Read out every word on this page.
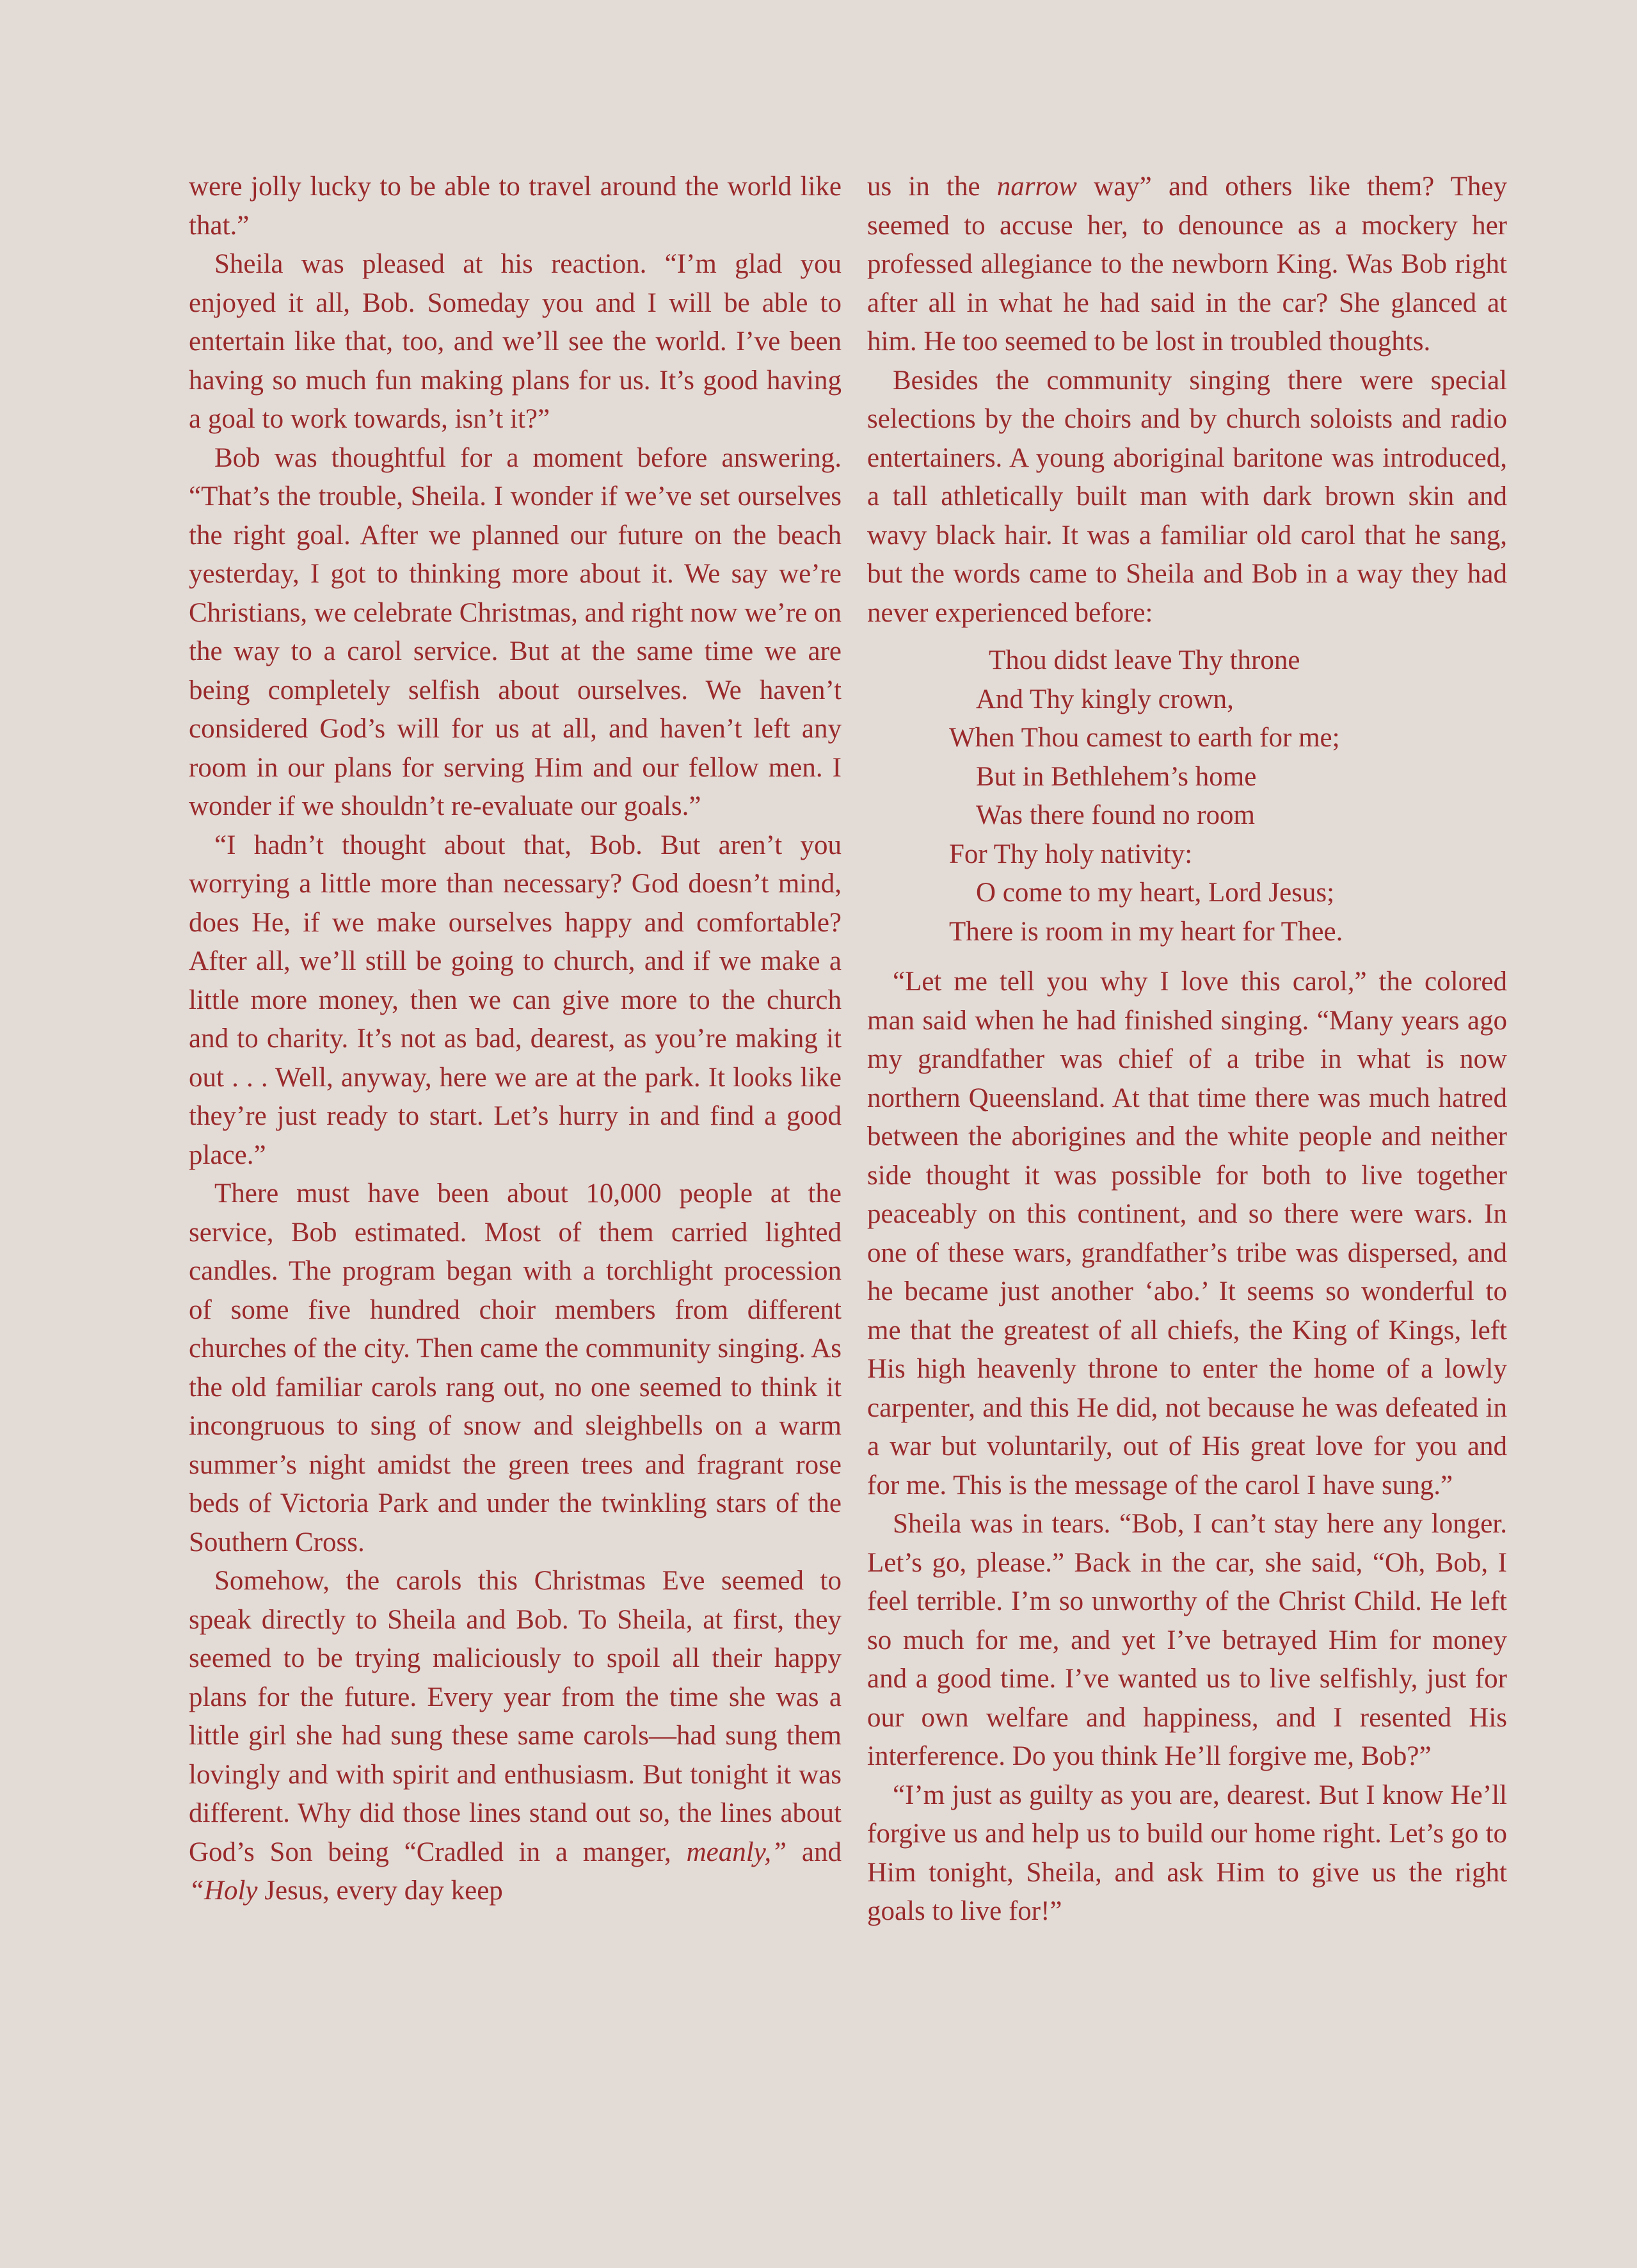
were jolly lucky to be able to travel around the world like that.”

Sheila was pleased at his reaction. “I’m glad you enjoyed it all, Bob. Someday you and I will be able to entertain like that, too, and we’ll see the world. I’ve been having so much fun making plans for us. It’s good having a goal to work towards, isn’t it?”

Bob was thoughtful for a moment before answering. “That’s the trouble, Sheila. I wonder if we’ve set ourselves the right goal. After we planned our future on the beach yesterday, I got to thinking more about it. We say we’re Christians, we celebrate Christmas, and right now we’re on the way to a carol service. But at the same time we are being completely selfish about ourselves. We haven’t considered God’s will for us at all, and haven’t left any room in our plans for serving Him and our fellow men. I wonder if we shouldn’t re-evaluate our goals.”

“I hadn’t thought about that, Bob. But aren’t you worrying a little more than necessary? God doesn’t mind, does He, if we make ourselves happy and comfortable? After all, we’ll still be going to church, and if we make a little more money, then we can give more to the church and to charity. It’s not as bad, dearest, as you’re making it out . . . Well, anyway, here we are at the park. It looks like they’re just ready to start. Let’s hurry in and find a good place.”

There must have been about 10,000 people at the service, Bob estimated. Most of them carried lighted candles. The program began with a torchlight procession of some five hundred choir members from different churches of the city. Then came the community singing. As the old familiar carols rang out, no one seemed to think it incongruous to sing of snow and sleighbells on a warm summer’s night amidst the green trees and fragrant rose beds of Victoria Park and under the twinkling stars of the Southern Cross.

Somehow, the carols this Christmas Eve seemed to speak directly to Sheila and Bob. To Sheila, at first, they seemed to be trying maliciously to spoil all their happy plans for the future. Every year from the time she was a little girl she had sung these same carols—had sung them lovingly and with spirit and enthusiasm. But tonight it was different. Why did those lines stand out so, the lines about God’s Son being “Cradled in a manger, meanly,” and “Holy Jesus, every day keep

us in the narrow way” and others like them? They seemed to accuse her, to denounce as a mockery her professed allegiance to the newborn King. Was Bob right after all in what he had said in the car? She glanced at him. He too seemed to be lost in troubled thoughts.

Besides the community singing there were special selections by the choirs and by church soloists and radio entertainers. A young aboriginal baritone was introduced, a tall athletically built man with dark brown skin and wavy black hair. It was a familiar old carol that he sang, but the words came to Sheila and Bob in a way they had never experienced before:

Thou didst leave Thy throne
And Thy kingly crown,
When Thou camest to earth for me;
But in Bethlehem’s home
Was there found no room
For Thy holy nativity:
O come to my heart, Lord Jesus;
There is room in my heart for Thee.

“Let me tell you why I love this carol,” the colored man said when he had finished singing. “Many years ago my grandfather was chief of a tribe in what is now northern Queensland. At that time there was much hatred between the aborigines and the white people and neither side thought it was possible for both to live together peaceably on this continent, and so there were wars. In one of these wars, grandfather’s tribe was dispersed, and he became just another ‘abo.’ It seems so wonderful to me that the greatest of all chiefs, the King of Kings, left His high heavenly throne to enter the home of a lowly carpenter, and this He did, not because he was defeated in a war but voluntarily, out of His great love for you and for me. This is the message of the carol I have sung.”

Sheila was in tears. “Bob, I can’t stay here any longer. Let’s go, please.” Back in the car, she said, “Oh, Bob, I feel terrible. I’m so unworthy of the Christ Child. He left so much for me, and yet I’ve betrayed Him for money and a good time. I’ve wanted us to live selfishly, just for our own welfare and happiness, and I resented His interference. Do you think He’ll forgive me, Bob?”

“I’m just as guilty as you are, dearest. But I know He’ll forgive us and help us to build our home right. Let’s go to Him tonight, Sheila, and ask Him to give us the right goals to live for!”
